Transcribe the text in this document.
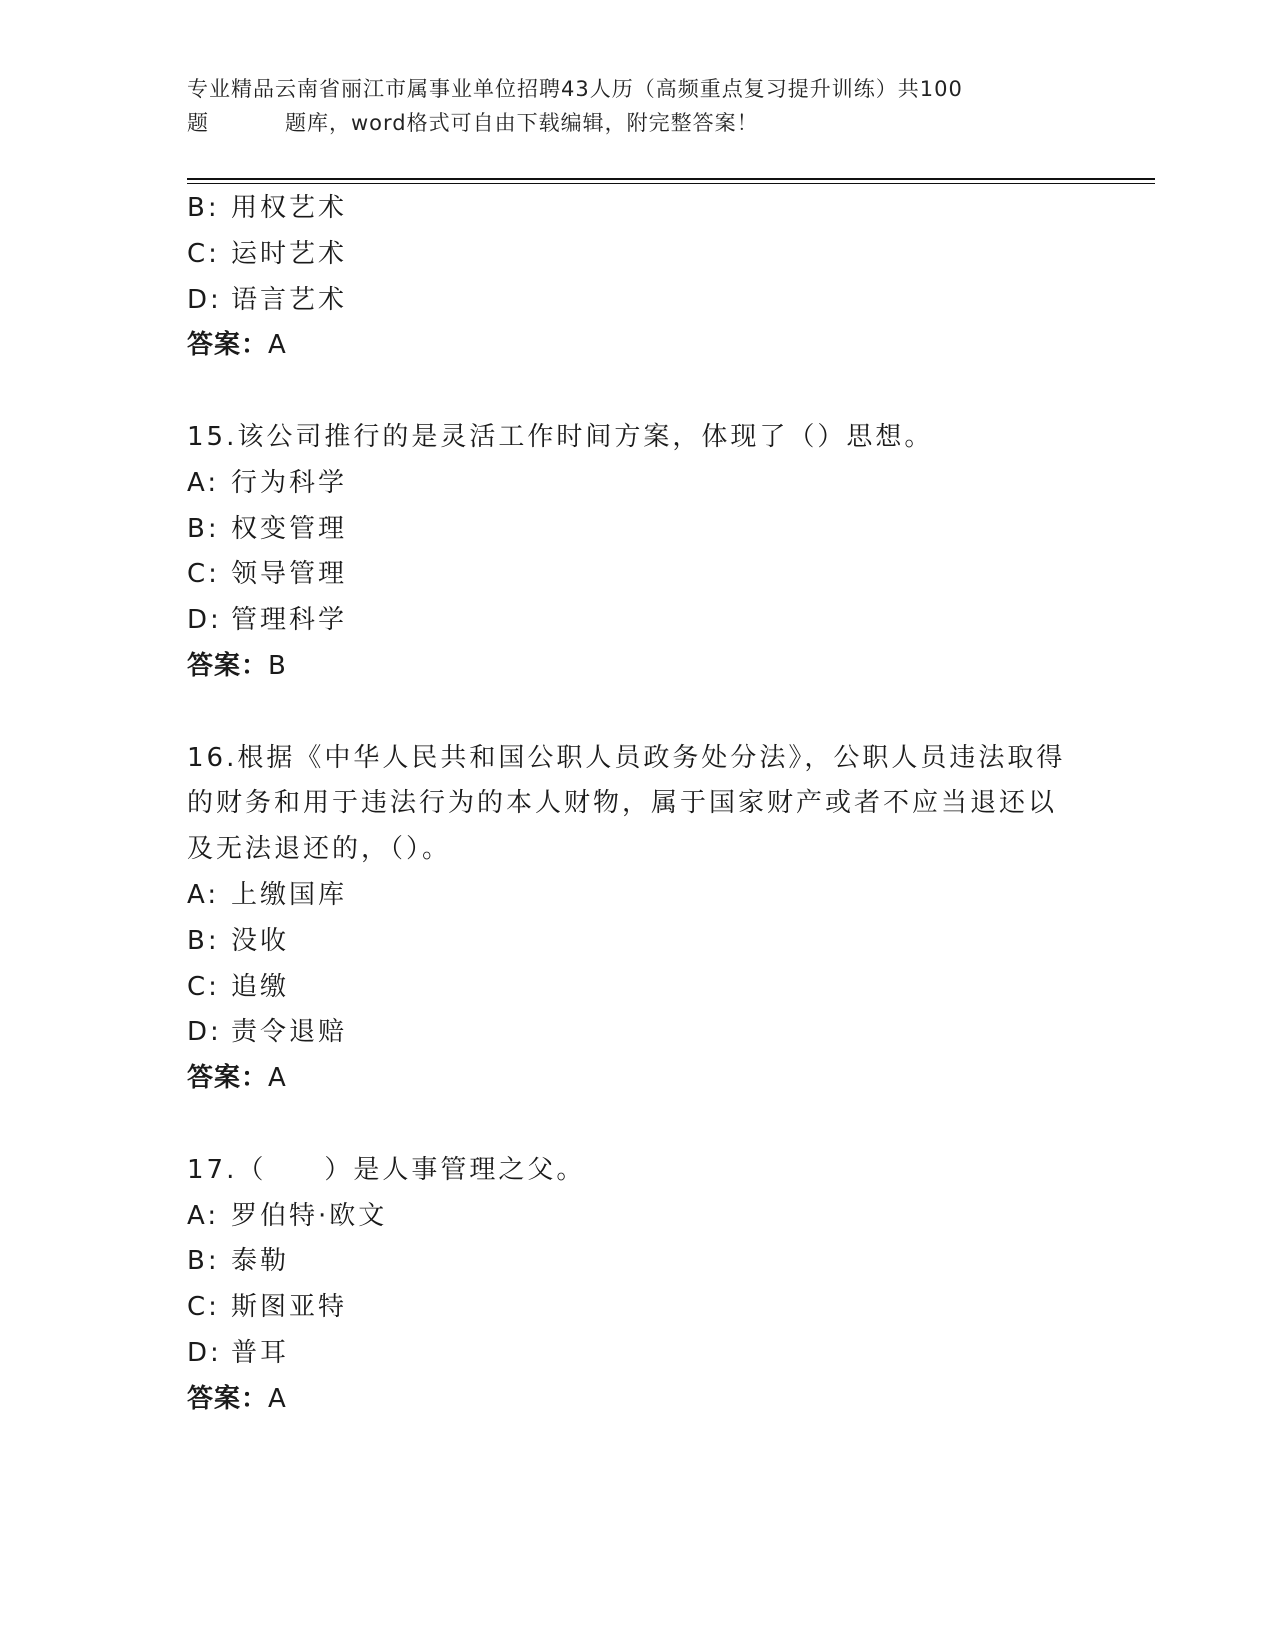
专业精品云南省丽江市属事业单位招聘43人历（高频重点复习提升训练）共100
题	题库，word格式可自由下载编辑，附完整答案！
B: 用权艺术
C: 运时艺术
D: 语言艺术
答案：A
15.该公司推行的是灵活工作时间方案，体现了（）思想。
A: 行为科学
B: 权变管理
C: 领导管理
D: 管理科学
答案：B
16.根据《中华人民共和国公职人员政务处分法》，公职人员违法取得的财务和用于违法行为的本人财物，属于国家财产或者不应当退还以及无法退还的，（）。
A: 上缴国库
B: 没收
C: 追缴
D: 责令退赔
答案：A
17.（　　）是人事管理之父。
A: 罗伯特·欧文
B: 泰勒
C: 斯图亚特
D: 普耳
答案：A
